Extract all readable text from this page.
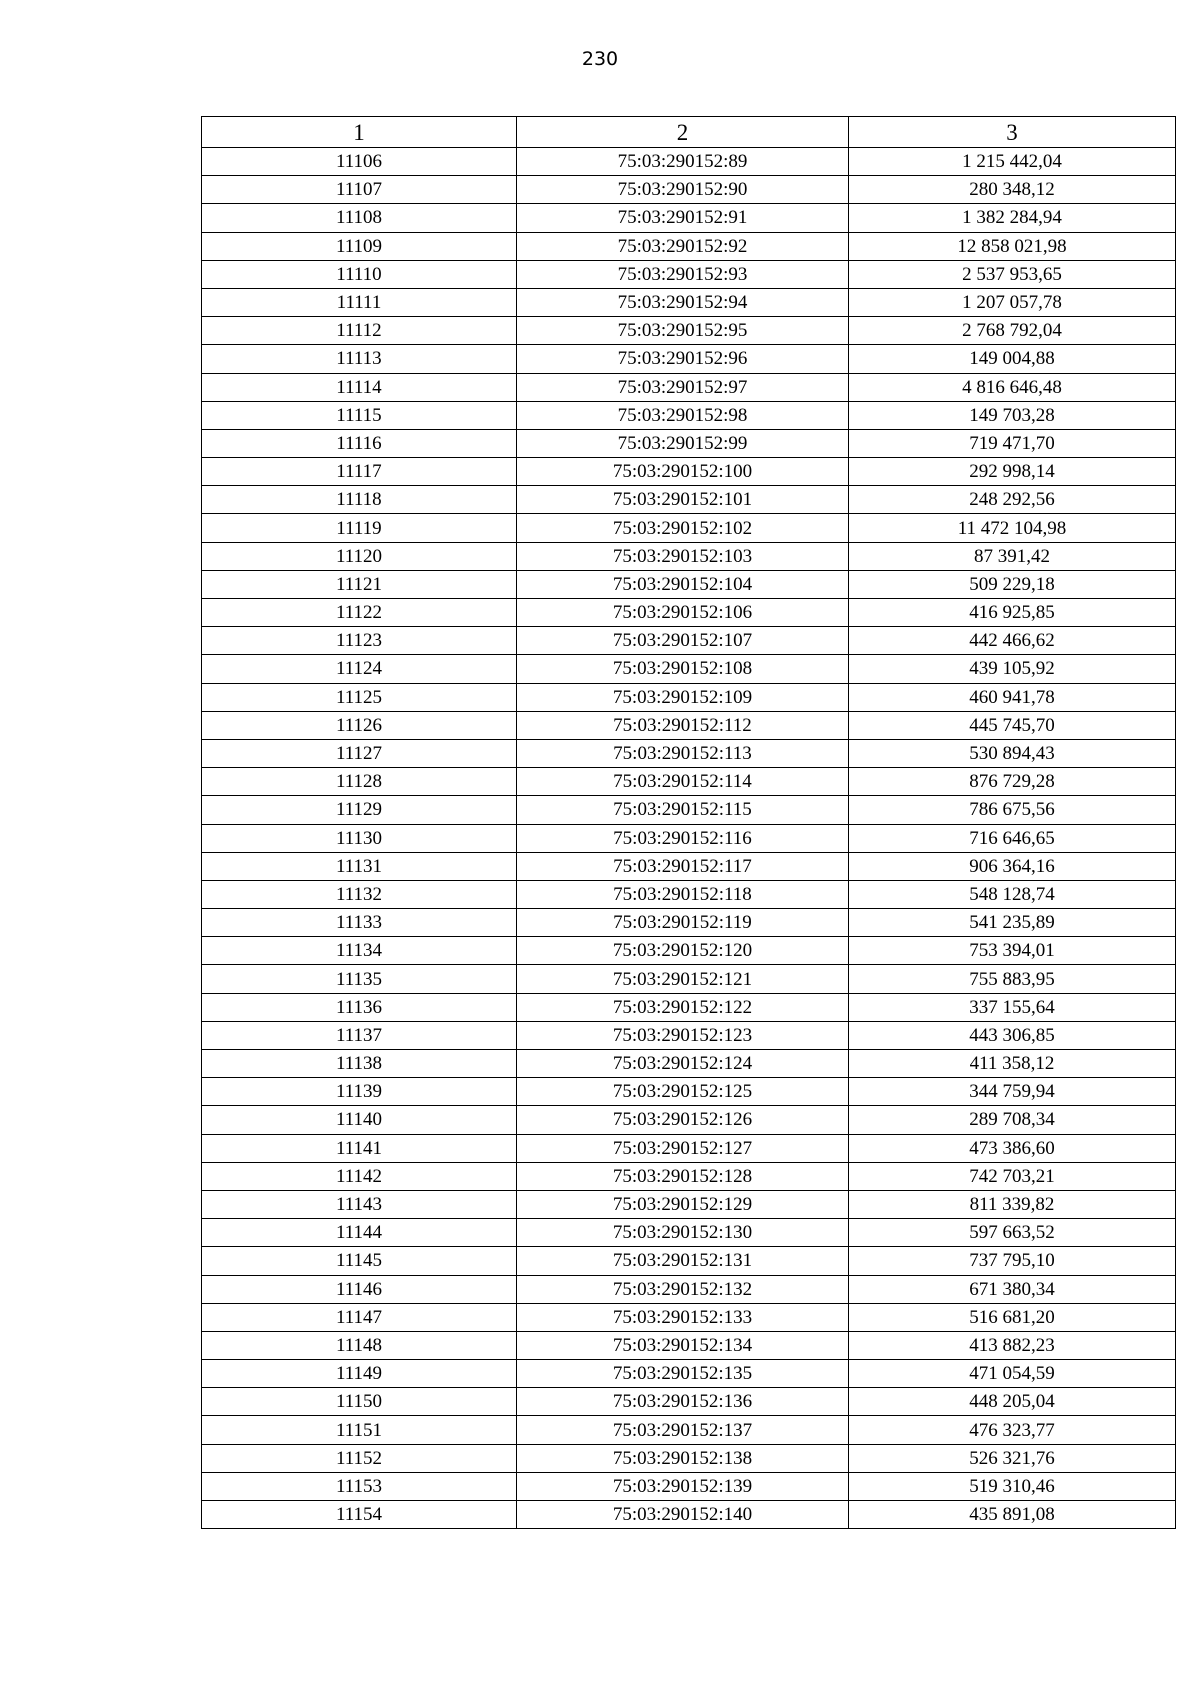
230
1	2	3
11106	75:03:290152:89	1 215 442,04
11107	75:03:290152:90	280 348,12
11108	75:03:290152:91	1 382 284,94
11109	75:03:290152:92	12 858 021,98
11110	75:03:290152:93	2 537 953,65
11111	75:03:290152:94	1 207 057,78
11112	75:03:290152:95	2 768 792,04
11113	75:03:290152:96	149 004,88
11114	75:03:290152:97	4 816 646,48
11115	75:03:290152:98	149 703,28
11116	75:03:290152:99	719 471,70
11117	75:03:290152:100	292 998,14
11118	75:03:290152:101	248 292,56
11119	75:03:290152:102	11 472 104,98
11120	75:03:290152:103	87 391,42
11121	75:03:290152:104	509 229,18
11122	75:03:290152:106	416 925,85
11123	75:03:290152:107	442 466,62
11124	75:03:290152:108	439 105,92
11125	75:03:290152:109	460 941,78
11126	75:03:290152:112	445 745,70
11127	75:03:290152:113	530 894,43
11128	75:03:290152:114	876 729,28
11129	75:03:290152:115	786 675,56
11130	75:03:290152:116	716 646,65
11131	75:03:290152:117	906 364,16
11132	75:03:290152:118	548 128,74
11133	75:03:290152:119	541 235,89
11134	75:03:290152:120	753 394,01
11135	75:03:290152:121	755 883,95
11136	75:03:290152:122	337 155,64
11137	75:03:290152:123	443 306,85
11138	75:03:290152:124	411 358,12
11139	75:03:290152:125	344 759,94
11140	75:03:290152:126	289 708,34
11141	75:03:290152:127	473 386,60
11142	75:03:290152:128	742 703,21
11143	75:03:290152:129	811 339,82
11144	75:03:290152:130	597 663,52
11145	75:03:290152:131	737 795,10
11146	75:03:290152:132	671 380,34
11147	75:03:290152:133	516 681,20
11148	75:03:290152:134	413 882,23
11149	75:03:290152:135	471 054,59
11150	75:03:290152:136	448 205,04
11151	75:03:290152:137	476 323,77
11152	75:03:290152:138	526 321,76
11153	75:03:290152:139	519 310,46
11154	75:03:290152:140	435 891,08
